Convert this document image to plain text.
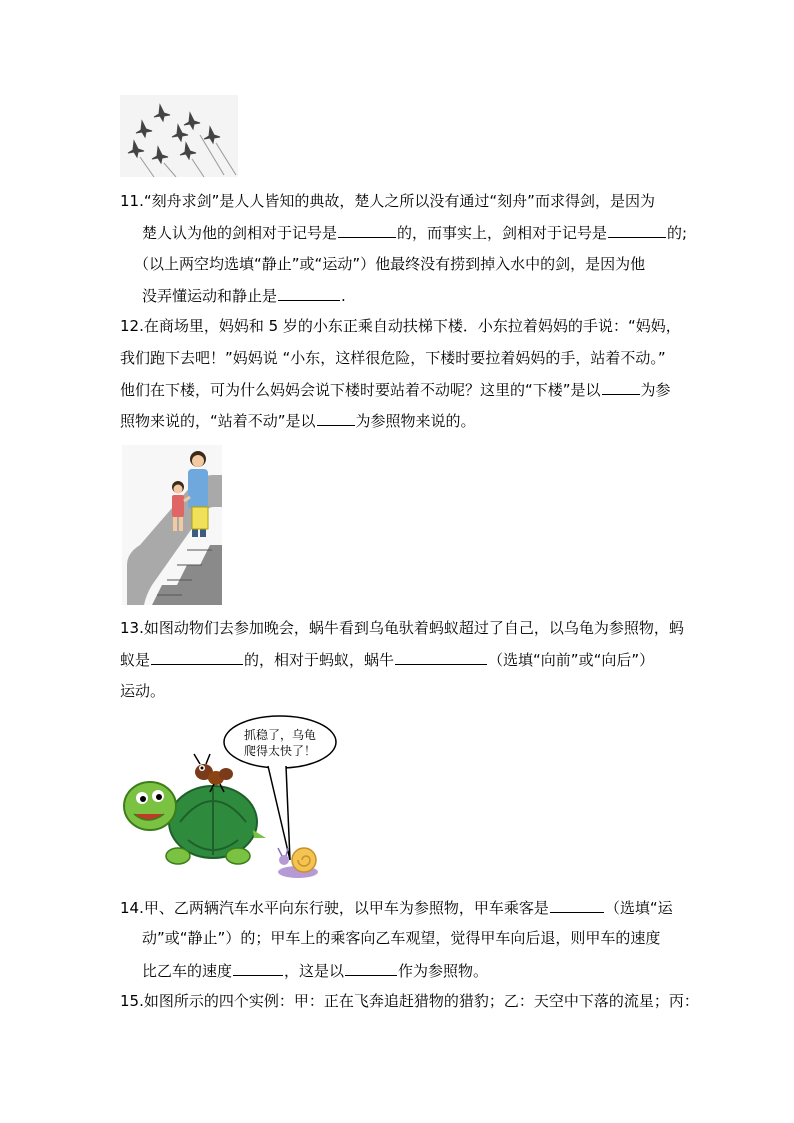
11.“刻舟求剑”是人人皆知的典故，楚人之所以没有通过“刻舟”而求得剑，是因为
楚人认为他的剑相对于记号是	的，而事实上，剑相对于记号是	的;
（以上两空均选填“静止”或“运动”）他最终没有捞到掉入水中的剑，是因为他
没弄懂运动和静止是	.
12.在商场里，妈妈和 5 岁的小东正乘自动扶梯下楼．小东拉着妈妈的手说：“妈妈，
我们跑下去吧！”妈妈说 “小东，这样很危险，下楼时要拉着妈妈的手，站着不动。”
他们在下楼，可为什么妈妈会说下楼时要站着不动呢？这里的“下楼”是以	为参
照物来说的，“站着不动”是以	为参照物来说的。
13.如图动物们去参加晚会，蜗牛看到乌龟驮着蚂蚁超过了自己，以乌龟为参照物，蚂
蚁是	的，相对于蚂蚁，蜗牛	（选填“向前”或“向后”）
运动。
抓稳了，乌龟
爬得太快了！
14.甲、乙两辆汽车水平向东行驶，以甲车为参照物，甲车乘客是	（选填“运
动”或“静止”）的；甲车上的乘客向乙车观望，觉得甲车向后退，则甲车的速度
比乙车的速度	，这是以	作为参照物。
15.如图所示的四个实例：甲：正在飞奔追赶猎物的猎豹；乙：天空中下落的流星；丙：
